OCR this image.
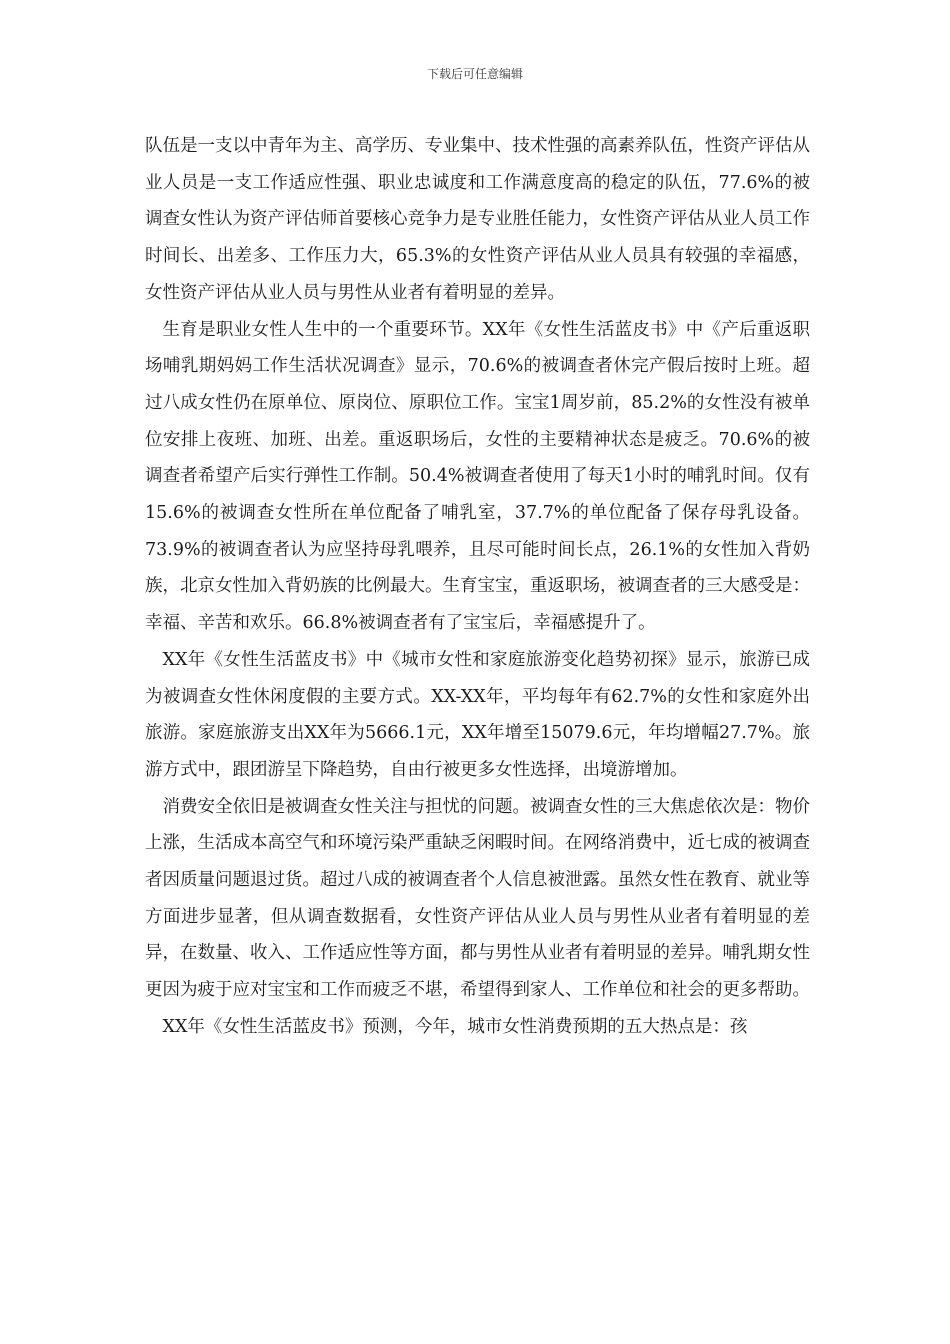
下载后可任意编辑

队伍是一支以中青年为主、高学历、专业集中、技术性强的高素养队伍，性资产评估从业人员是一支工作适应性强、职业忠诚度和工作满意度高的稳定的队伍，77.6%的被调查女性认为资产评估师首要核心竞争力是专业胜任能力，女性资产评估从业人员工作时间长、出差多、工作压力大，65.3%的女性资产评估从业人员具有较强的幸福感，女性资产评估从业人员与男性从业者有着明显的差异。

生育是职业女性人生中的一个重要环节。XX年《女性生活蓝皮书》中《产后重返职场哺乳期妈妈工作生活状况调查》显示，70.6%的被调查者休完产假后按时上班。超过八成女性仍在原单位、原岗位、原职位工作。宝宝1周岁前，85.2%的女性没有被单位安排上夜班、加班、出差。重返职场后，女性的主要精神状态是疲乏。70.6%的被调查者希望产后实行弹性工作制。50.4%被调查者使用了每天1小时的哺乳时间。仅有15.6%的被调查女性所在单位配备了哺乳室，37.7%的单位配备了保存母乳设备。73.9%的被调查者认为应坚持母乳喂养，且尽可能时间长点，26.1%的女性加入背奶族，北京女性加入背奶族的比例最大。生育宝宝，重返职场，被调查者的三大感受是：幸福、辛苦和欢乐。66.8%被调查者有了宝宝后，幸福感提升了。

XX年《女性生活蓝皮书》中《城市女性和家庭旅游变化趋势初探》显示，旅游已成为被调查女性休闲度假的主要方式。XX-XX年，平均每年有62.7%的女性和家庭外出旅游。家庭旅游支出XX年为5666.1元，XX年增至15079.6元，年均增幅27.7%。旅游方式中，跟团游呈下降趋势，自由行被更多女性选择，出境游增加。

消费安全依旧是被调查女性关注与担忧的问题。被调查女性的三大焦虑依次是：物价上涨，生活成本高空气和环境污染严重缺乏闲暇时间。在网络消费中，近七成的被调查者因质量问题退过货。超过八成的被调查者个人信息被泄露。虽然女性在教育、就业等方面进步显著，但从调查数据看，女性资产评估从业人员与男性从业者有着明显的差异，在数量、收入、工作适应性等方面，都与男性从业者有着明显的差异。哺乳期女性更因为疲于应对宝宝和工作而疲乏不堪，希望得到家人、工作单位和社会的更多帮助。

XX年《女性生活蓝皮书》预测，今年，城市女性消费预期的五大热点是：孩
